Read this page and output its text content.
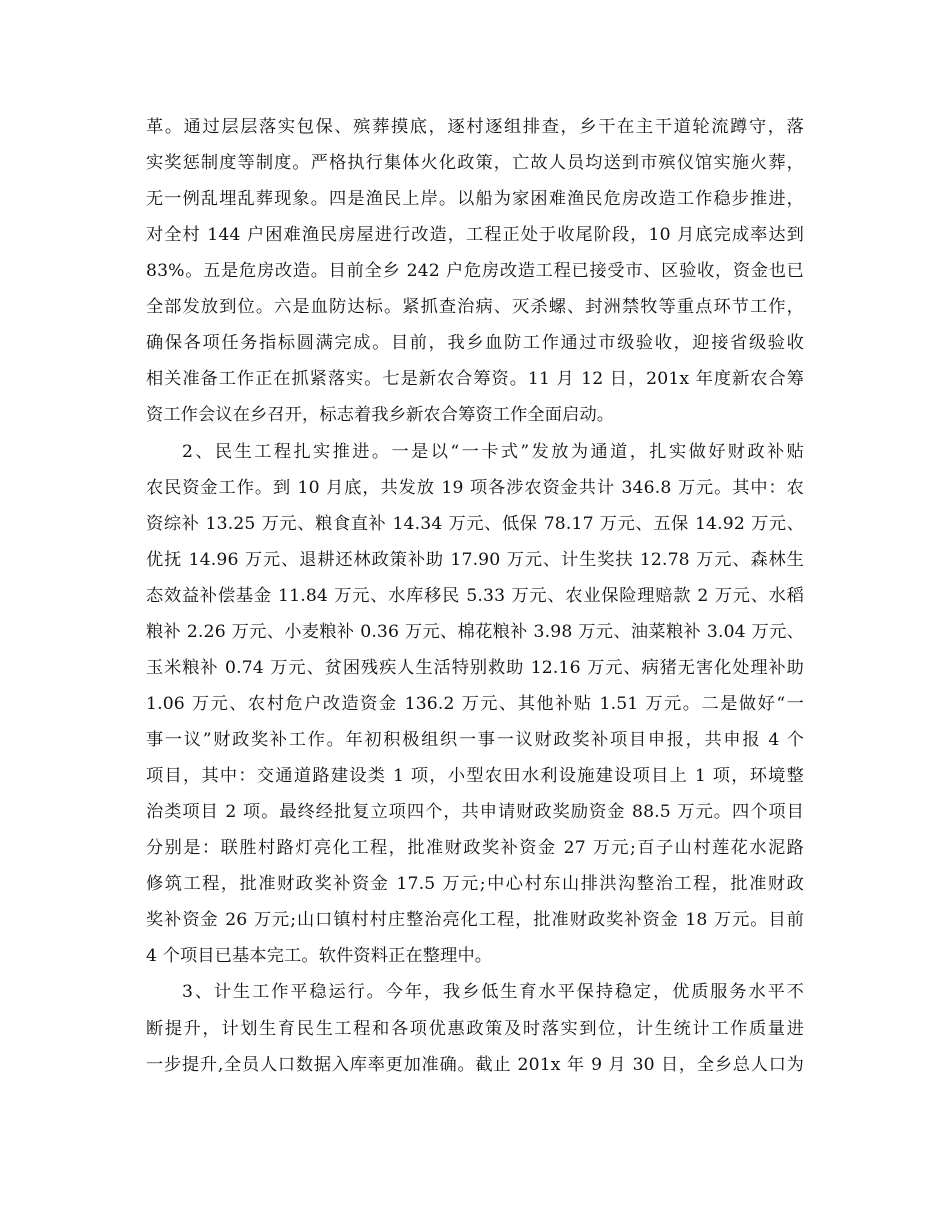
革。通过层层落实包保、殡葬摸底，逐村逐组排查，乡干在主干道轮流蹲守，落
实奖惩制度等制度。严格执行集体火化政策，亡故人员均送到市殡仪馆实施火葬，
无一例乱埋乱葬现象。四是渔民上岸。以船为家困难渔民危房改造工作稳步推进，
对全村 144 户困难渔民房屋进行改造，工程正处于收尾阶段，10 月底完成率达到
83%。五是危房改造。目前全乡 242 户危房改造工程已接受市、区验收，资金也已
全部发放到位。六是血防达标。紧抓查治病、灭杀螺、封洲禁牧等重点环节工作，
确保各项任务指标圆满完成。目前，我乡血防工作通过市级验收，迎接省级验收
相关准备工作正在抓紧落实。七是新农合筹资。11 月 12 日，201x 年度新农合筹
资工作会议在乡召开，标志着我乡新农合筹资工作全面启动。
2、民生工程扎实推进。一是以“一卡式”发放为通道，扎实做好财政补贴
农民资金工作。到 10 月底，共发放 19 项各涉农资金共计 346.8 万元。其中：农
资综补 13.25 万元、粮食直补 14.34 万元、低保 78.17 万元、五保 14.92 万元、
优抚 14.96 万元、退耕还林政策补助 17.90 万元、计生奖扶 12.78 万元、森林生
态效益补偿基金 11.84 万元、水库移民 5.33 万元、农业保险理赔款 2 万元、水稻
粮补 2.26 万元、小麦粮补 0.36 万元、棉花粮补 3.98 万元、油菜粮补 3.04 万元、
玉米粮补 0.74 万元、贫困残疾人生活特别救助 12.16 万元、病猪无害化处理补助
1.06 万元、农村危户改造资金 136.2 万元、其他补贴 1.51 万元。二是做好“一
事一议”财政奖补工作。年初积极组织一事一议财政奖补项目申报，共申报 4 个
项目，其中：交通道路建设类 1 项，小型农田水利设施建设项目上 1 项，环境整
治类项目 2 项。最终经批复立项四个，共申请财政奖励资金 88.5 万元。四个项目
分别是：联胜村路灯亮化工程，批准财政奖补资金 27 万元;百子山村莲花水泥路
修筑工程，批准财政奖补资金 17.5 万元;中心村东山排洪沟整治工程，批准财政
奖补资金 26 万元;山口镇村村庄整治亮化工程，批准财政奖补资金 18 万元。目前
4 个项目已基本完工。软件资料正在整理中。
3、计生工作平稳运行。今年，我乡低生育水平保持稳定，优质服务水平不
断提升，计划生育民生工程和各项优惠政策及时落实到位，计生统计工作质量进
一步提升,全员人口数据入库率更加准确。截止 201x 年 9 月 30 日，全乡总人口为
